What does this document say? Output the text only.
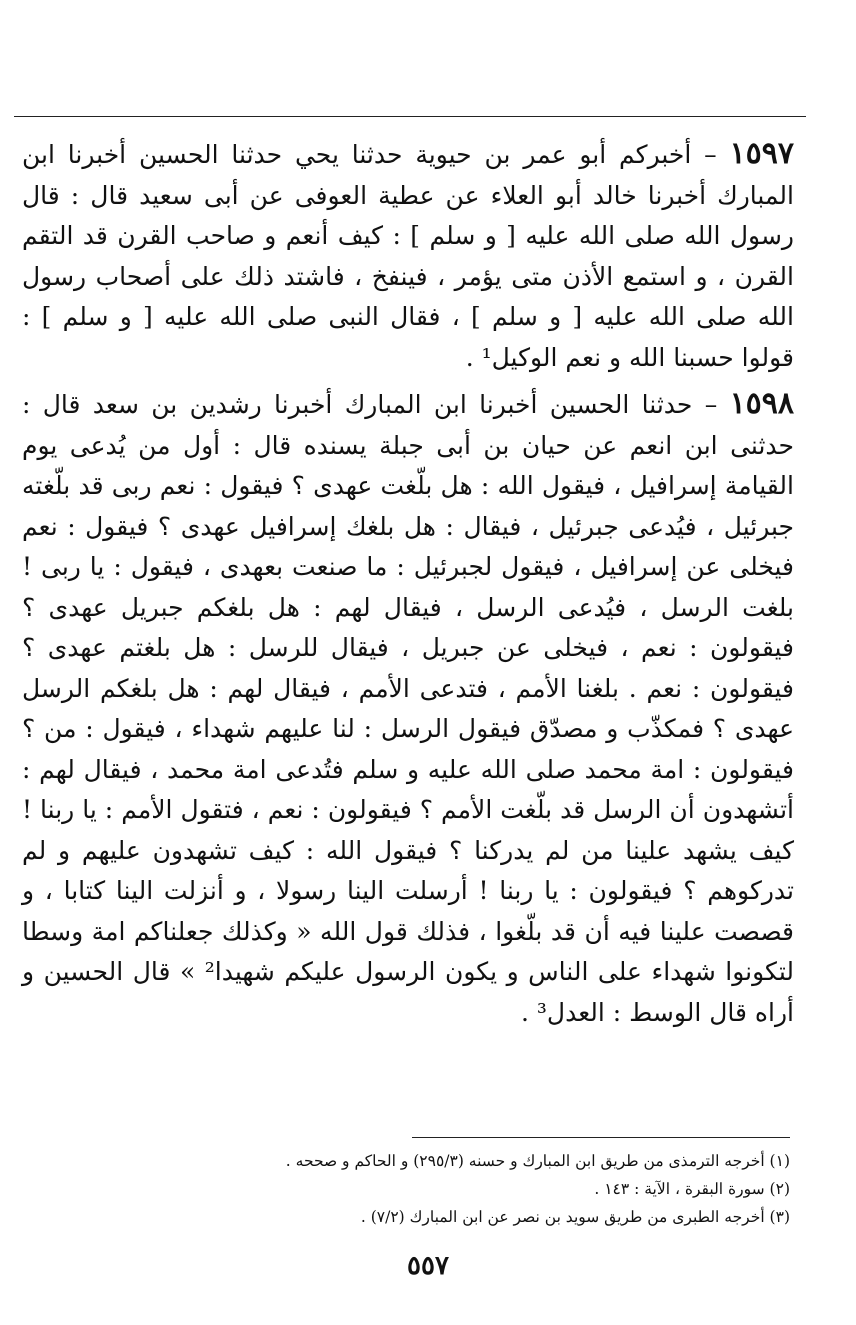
١٥٩٧ – أخبركم أبو عمر بن حيوية حدثنا يحي حدثنا الحسين أخبرنا ابن المبارك أخبرنا خالد أبو العلاء عن عطية العوفى عن أبى سعيد قال : قال رسول الله صلى الله عليه [ و سلم ] : كيف أنعم و صاحب القرن قد التقم القرن ، و استمع الأذن متى يؤمر ، فينفخ ، فاشتد ذلك على أصحاب رسول الله صلى الله عليه [ و سلم ] ، فقال النبى صلى الله عليه [ و سلم ] : قولوا حسبنا الله و نعم الوكيل¹ .

١٥٩٨ – حدثنا الحسين أخبرنا ابن المبارك أخبرنا رشدين بن سعد قال : حدثنى ابن انعم عن حيان بن أبى جبلة يسنده قال : أول من يُدعى يوم القيامة إسرافيل ، فيقول الله : هل بلّغت عهدى ؟ فيقول : نعم ربى قد بلّغته جبرئيل ، فيُدعى جبرئيل ، فيقال : هل بلغك إسرافيل عهدى ؟ فيقول : نعم فيخلى عن إسرافيل ، فيقول لجبرئيل : ما صنعت بعهدى ، فيقول : يا ربى ! بلغت الرسل ، فيُدعى الرسل ، فيقال لهم : هل بلغكم جبريل عهدى ؟ فيقولون : نعم ، فيخلى عن جبريل ، فيقال للرسل : هل بلغتم عهدى ؟ فيقولون : نعم . بلغنا الأمم ، فتدعى الأمم ، فيقال لهم : هل بلغكم الرسل عهدى ؟ فمكذّب و مصدّق فيقول الرسل : لنا عليهم شهداء ، فيقول : من ؟ فيقولون : امة محمد صلى الله عليه و سلم فتُدعى امة محمد ، فيقال لهم : أتشهدون أن الرسل قد بلّغت الأمم ؟ فيقولون : نعم ، فتقول الأمم : يا ربنا ! كيف يشهد علينا من لم يدركنا ؟ فيقول الله : كيف تشهدون عليهم و لم تدركوهم ؟ فيقولون : يا ربنا ! أرسلت الينا رسولا ، و أنزلت الينا كتابا ، و قصصت علينا فيه أن قد بلّغوا ، فذلك قول الله « وكذلك جعلناكم امة وسطا لتكونوا شهداء على الناس و يكون الرسول عليكم شهيدا² » قال الحسين و أراه قال الوسط : العدل³ .

(١) أخرجه الترمذى من طريق ابن المبارك و حسنه (٢٩٥/٣) و الحاكم و صححه .
(٢) سورة البقرة ، الآية : ١٤٣ .
(٣) أخرجه الطبرى من طريق سويد بن نصر عن ابن المبارك (٧/٢) .
٥٥٧
